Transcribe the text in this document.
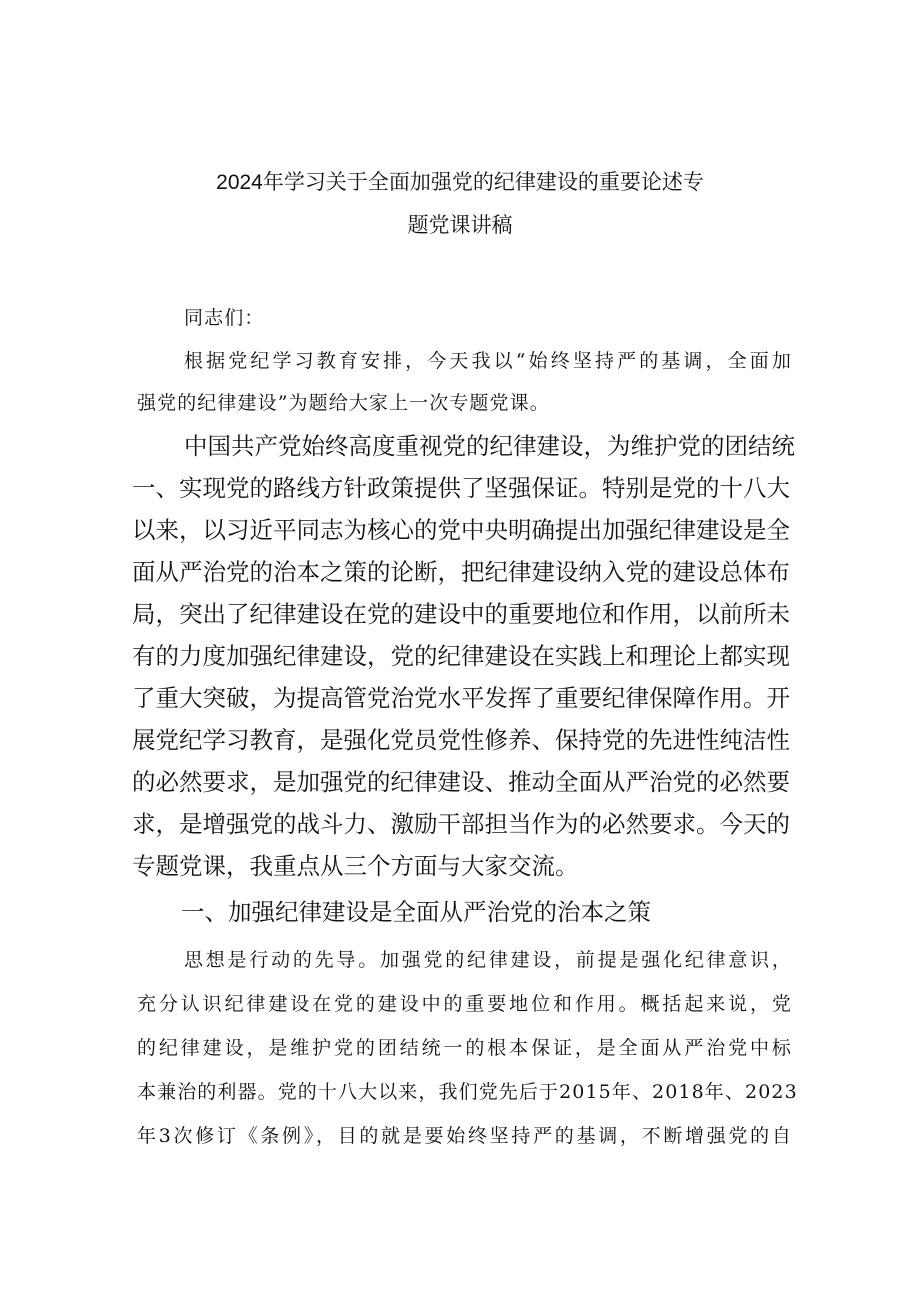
2024年学习关于全面加强党的纪律建设的重要论述专
题党课讲稿
同志们：
根据党纪学习教育安排，今天我以“始终坚持严的基调，全面加
强党的纪律建设”为题给大家上一次专题党课。
中国共产党始终高度重视党的纪律建设，为维护党的团结统
一、实现党的路线方针政策提供了坚强保证。特别是党的十八大
以来，以习近平同志为核心的党中央明确提出加强纪律建设是全
面从严治党的治本之策的论断，把纪律建设纳入党的建设总体布
局，突出了纪律建设在党的建设中的重要地位和作用，以前所未
有的力度加强纪律建设，党的纪律建设在实践上和理论上都实现
了重大突破，为提高管党治党水平发挥了重要纪律保障作用。开
展党纪学习教育，是强化党员党性修养、保持党的先进性纯洁性
的必然要求，是加强党的纪律建设、推动全面从严治党的必然要
求，是增强党的战斗力、激励干部担当作为的必然要求。今天的
专题党课，我重点从三个方面与大家交流。
一、加强纪律建设是全面从严治党的治本之策
思想是行动的先导。加强党的纪律建设，前提是强化纪律意识，
充分认识纪律建设在党的建设中的重要地位和作用。概括起来说，党
的纪律建设，是维护党的团结统一的根本保证，是全面从严治党中标
本兼治的利器。党的十八大以来，我们党先后于2015年、2018年、2023
年3次修订《条例》，目的就是要始终坚持严的基调，不断增强党的自
